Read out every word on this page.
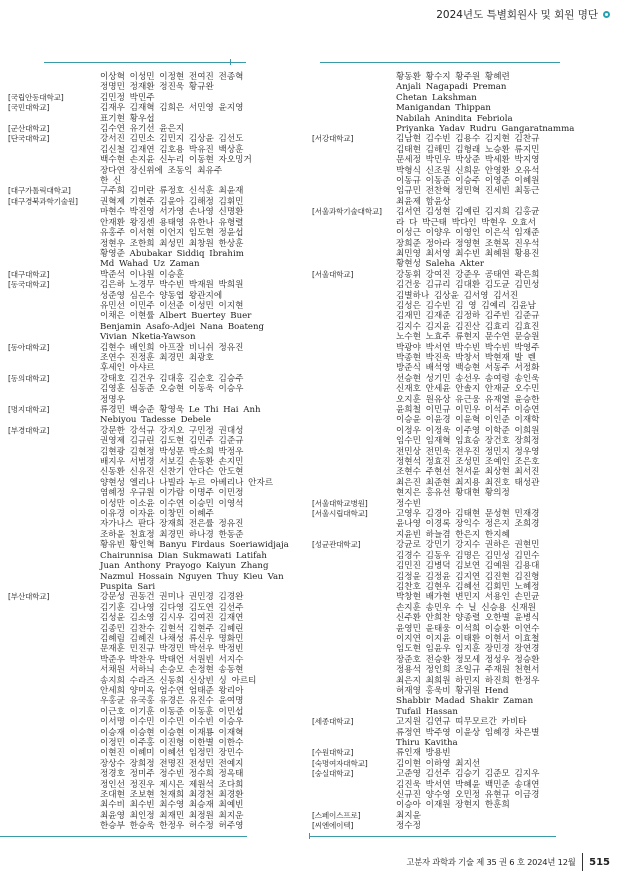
2024년도 특별회원사 및 회원 명단
이상혁 이성민 이정현 전여진 전종혁
정명민 정재환 정진욱 황규완
[국립안동대학교]	김민정 박민주
[국민대학교]	김재우 김재혁 김희은 서민영 윤지영
표기현 황우섭
[군산대학교]	김수연 유기선 윤은지
[단국대학교]	강서진 김민소 김민지 김상윤 김선도
김신철 김재연 김호용 박유진 백상훈
백수현 손지윤 신누리 이동현 자오밍거
장다연 장신위에 조동익 최유주
한 신
[대구가톨릭대학교]	구주희 김미란 류정호 신석훈 최윤재
[대구경북과학기술원]	권혁제 기현주 김윤아 김해정 김휘민
마현수 박진영 서가영 손나영 신명환
안재환 왕징센 용태영 유한나 유형렬
유홍주 이서현 이언지 임도현 정윤섭
정현우 조한희 최성민 최창원 한상훈
황영준 Abubakar Siddiq Ibrahim
Md Wahad Uz Zaman
[대구대학교]	박준석 이나원 이승훈
[동국대학교]	김은하 노경무 박수빈 박재원 박희원
성준영 심은수 양동엽 왕관지에
유민선 이민주 이선준 이성민 이지현
이채은 이현률 Albert Buertey Buer
Benjamin Asafo-Adjei Nana Boateng
Vivian Nketia-Yawson
[동아대학교]	김현수 배인희 아프잘 비니쉬 정유진
조연수 진정훈 최경민 최광호
후세인 아샤르
[동의대학교]	강태호 김건우 김대홍 김순호 김승주
김영훈 심동준 오승현 이동욱 이승우
정명우
[명지대학교]	류경민 백승준 황영욱 Le Thi Hai Anh
Nebiyou Tadesse Debele
[부경대학교]	강문한 강석규 강지오 구민정 권대성
권영제 김규린 김도현 김민주 김준규
김현광 김현정 박성문 박소희 박정우
배지우 서범경 서보길 손동환 손지민
신동환 신유진 신찬기 안다슨 안도현
양현성 엘리나 나빌라 누르 아베리나 안자르
염혜정 우규원 이가람 이명주 이민정
이성만 이소윤 이수연 이승민 이영석
이유경 이자윤 이창민 이혜주
자가나스 판다 장재희 전은률 정유진
조하윤 천효정 최경민 하나경 한동준
황유빈 황인혁 Banyu Firdaus Soeriawidjaja
Chairunnisa Dian Sukmawati Latifah
Juan Anthony Prayogo Kaiyun Zhang
Nazmul Hossain Nguyen Thuy Kieu Van
Puspita Sari
[부산대학교]	강문성 권동건 권미나 권민경 김경완
김기훈 김나영 김다영 김도연 김선주
김성윤 김소영 김시우 김여진 김재연
김종민 김찬수 김현석 김현주 김혜린
김혜림 김혜진 나채성 류신우 명화민
문재훈 민진규 박경민 박선우 박정빈
박준우 박찬우 박태언 서원빈 서지수
서채원 서하늬 손승모 손정현 송동현
송지희 수라즈 신동희 신상빈 싱 아르티
안세희 양미옥 엄수연 엄태준 왕리아
우홍균 유국홍 유경은 유진수 윤여명
이근호 이기훈 이동준 이동훈 이민섭
이서명 이수민 이수민 이수빈 이승우
이승재 이승현 이승현 이재룡 이재혁
이정민 이주홍 이진형 이한별 이한수
이현진 이혜미 이혜선 임정민 장민수
장상수 장희정 전명진 전성민 전예지
정경호 정미주 정수빈 정수희 정옥태
정인선 정진우 제시은 제원석 조다희
조대현 조보현 천재희 최경천 최경환
최수비 최수빈 최수영 최승재 최예빈
최윤영 최인정 최재민 최정원 최지운
한승부 한승욱 한정우 허수정 허주영
황동환 황수지 황주원 황혜련
Anjali Nagapadi Preman
Chetan Lakshman
Manigandan Thippan
Nabilah Anindita Febriola
Priyanka Yadav Rudru Gangaratnamma
[서강대학교]	김남현 김수빈 김용수 김지현 김찬규
김태현 김해민 김형래 노승환 류지민
문세정 박민우 박상준 박세환 박지영
박형식 신조원 신희운 안영환 오유석
이동규 이동준 이승주 이영준 이혜원
임규민 전찬혁 정민혁 진세빈 최동근
최윤제 함윤상
[서울과학기술대학교]	김서연 김성현 김예린 김지희 김홍균
라 다 박근태 박다인 박현우 오효서
이성근 이양우 이영인 이은석 임재준
장희준 정아라 정영현 조현목 진우석
최민영 최서영 최수빈 최혜원 황용진
황현성 Saleha Akter
[서울대학교]	강동휘 강여진 강준우 공태연 곽은희
김건웅 김규리 김대환 김도균 김민성
김별하나 김상윤 김서영 김서진
김성은 김수빈 김 영 김예리 김윤남
김재민 김재준 김정하 김주빈 김준규
김지수 김지윤 김진산 김효리 김효진
노수현 노효주 류현지 문수연 문승원
박광야 박서연 박수빈 박수빈 박영주
박종현 박진욱 박창서 박현재 발 렌
방준식 배석영 백승현 서동주 서정화
선승현 성기민 송선우 송여령 송인욱
신재호 안세윤 안솔지 안재균 오수민
오지훈 원유상 유근웅 유재열 윤승한
윤희철 이민규 이민우 이석주 이승연
이승윤 이윤경 이윤혁 이인준 이재학
이정우 이정욱 이주영 이학준 이희원
임수민 임재혁 임효승 장건호 장희정
전민상 전민욱 전우진 정민지 정우영
정현석 정효진 조성민 조예인 조은호
조현수 주현선 천서윤 최상현 최서진
최은진 최준현 최지용 최진호 태성관
현지은 홍유선 황대현 황의정
[서울대학교병원]	정수빈
[서울시립대학교]	고영우 김경아 김태현 문성현 민재경
윤나영 이경록 장익수 정은지 조희경
지윤빈 하늘겸 한은지 한지혜
[성균관대학교]	강균로 강민기 강지수 권하은 권현민
김경수 김동우 김명은 김민성 김민수
김민진 김병덕 김보연 김예원 김용대
김정윤 김정윤 김지연 김진현 김진형
김찬호 김현우 김혜선 김회민 노혜정
박창현 배가현 변민지 서용인 손민균
손지훈 송민우 수 닐 신승용 신재원
신주환 안희찬 양종렬 오한별 윤병식
윤영민 윤태웅 이석희 이승환 이연수
이지연 이지윤 이태환 이현서 이효철
임도현 임윤우 임지훈 장민경 장연경
장준호 전승환 정모세 정성우 정승환
정용석 정인희 조일규 주재원 천현서
최은지 최희원 하민지 하진희 한정우
허재영 홍욱비 황귀원 Hend
Shabbir Madad Shakir Zaman
Tufail Hassan
[세종대학교]	고지원 김연규 띠무모르간 카비타
류정연 박주영 이윤상 임혜경 차은별
Thiru Kavitha
[수원대학교]	류인재 방용빈
[숙명여자대학교]	김이현 이하영 최지선
[숭실대학교]	고준영 김선주 김승기 김준모 김지우
김진욱 박서연 박혜윤 백민준 송대연
신규진 양수영 오민정 유현규 이금경
이승아 이재원 장현지 한훈희
[스페이스프로]	최지윤
[씨엔에이텍]	정수정
고분자 과학과 기술 제 35 권 6 호 2024년 12월 515
